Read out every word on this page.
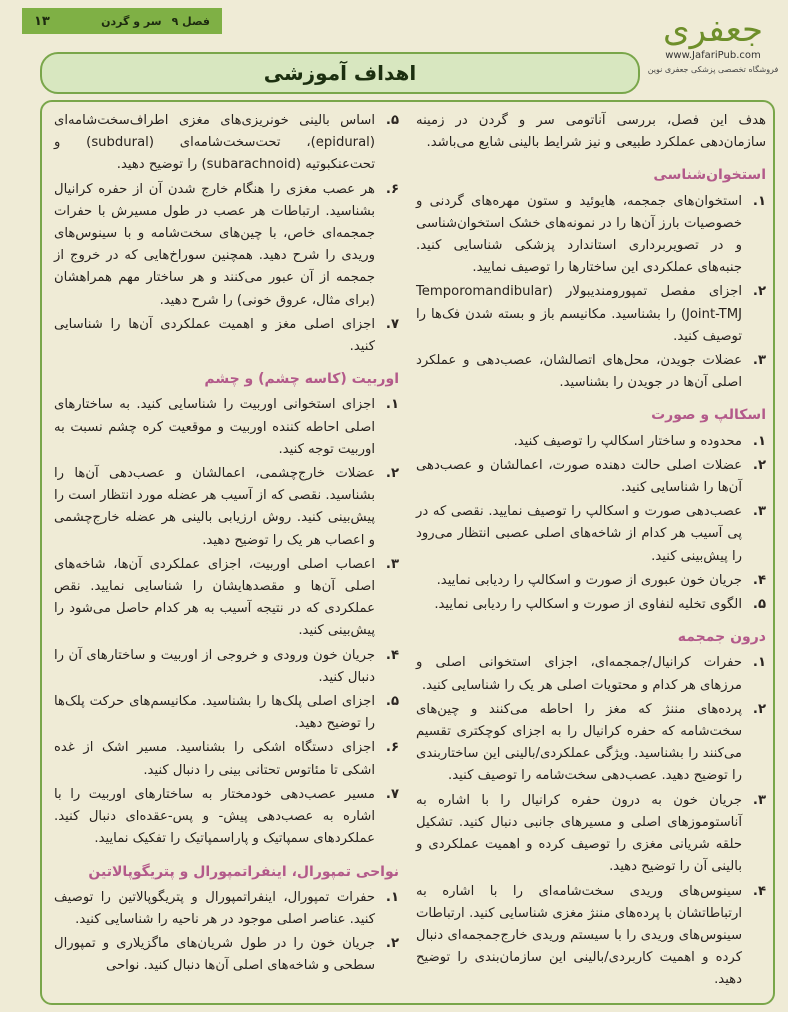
فصل ۹
سر و گردن
۱۳	جعفری
www.JafariPub.com
فروشگاه تخصصی پزشکی جعفری نوین
اهداف آموزشی

هدف این فصل، بررسی آناتومی سر و گردن در زمینه سازمان‌دهی عملکرد طبیعی و نیز شرایط بالینی شایع می‌باشد.

استخوان‌شناسی
۱.
استخوان‌های جمجمه، هایوئید و ستون مهره‌های گردنی و خصوصیات بارز آن‌ها را در نمونه‌های خشک استخوان‌شناسی و در تصویربرداری استاندارد پزشکی شناسایی کنید. جنبه‌های عملکردی این ساختارها را توصیف نمایید.
۲.
اجزای مفصل تمپورومندیبولار (Temporomandibular Joint-TMJ) را بشناسید. مکانیسم باز و بسته شدن فک‌ها را توصیف کنید.
۳.
عضلات جویدن، محل‌های اتصالشان، عصب‌دهی و عملکرد اصلی آن‌ها در جویدن را بشناسید.
اسکالپ و صورت
۱.
محدوده و ساختار اسکالپ را توصیف کنید.
۲.
عضلات اصلی حالت دهنده صورت، اعمالشان و عصب‌دهی آن‌ها را شناسایی کنید.
۳.
عصب‌دهی صورت و اسکالپ را توصیف نمایید. نقصی که در پی آسیب هر کدام از شاخه‌های اصلی عصبی انتظار می‌رود را پیش‌بینی کنید.
۴.
جریان خون عبوری از صورت و اسکالپ را ردیابی نمایید.
۵.
الگوی تخلیه لنفاوی از صورت و اسکالپ را ردیابی نمایید.
درون جمجمه
۱.
حفرات کرانیال/جمجمه‌ای، اجزای استخوانی اصلی و مرزهای هر کدام و محتویات اصلی هر یک را شناسایی کنید.
۲.
پرده‌های مننژ که مغز را احاطه می‌کنند و چین‌های سخت‌شامه که حفره کرانیال را به اجزای کوچکتری تقسیم می‌کنند را بشناسید. ویژگی عملکردی/بالینی این ساختاربندی را توضیح دهید. عصب‌دهی سخت‌شامه را توصیف کنید.
۳.
جریان خون به درون حفره کرانیال را با اشاره به آناستوموزهای اصلی و مسیرهای جانبی دنبال کنید. تشکیل حلقه شریانی مغزی را توصیف کرده و اهمیت عملکردی و بالینی آن را توضیح دهید.
۴.
سینوس‌های وریدی سخت‌شامه‌ای را با اشاره به ارتباطاتشان با پرده‌های مننژ مغزی شناسایی کنید. ارتباطات سینوس‌های وریدی را با سیستم وریدی خارج‌جمجمه‌ای دنبال کرده و اهمیت کاربردی/بالینی این سازمان‌بندی را توضیح دهید.
۵.
اساس بالینی خونریزی‌های مغزی اطراف‌سخت‌شامه‌ای (epidural)، تحت‌سخت‌شامه‌ای (subdural) و تحت‌عنکبوتیه (subarachnoid) را توضیح دهید.
۶.
هر عصب مغزی را هنگام خارج شدن آن از حفره کرانیال بشناسید. ارتباطات هر عصب در طول مسیرش با حفرات جمجمه‌ای خاص، با چین‌های سخت‌شامه و با سینوس‌های وریدی را شرح دهید. همچنین سوراخ‌هایی که در خروج از جمجمه از آن عبور می‌کنند و هر ساختار مهم همراهشان (برای مثال، عروق خونی) را شرح دهید.
۷.
اجزای اصلی مغز و اهمیت عملکردی آن‌ها را شناسایی کنید.
اوربیت (کاسه چشم) و چشم
۱.
اجزای استخوانی اوربیت را شناسایی کنید. به ساختارهای اصلی احاطه کننده اوربیت و موقعیت کره چشم نسبت به اوربیت توجه کنید.
۲.
عضلات خارج‌چشمی، اعمالشان و عصب‌دهی آن‌ها را بشناسید. نقصی که از آسیب هر عضله مورد انتظار است را پیش‌بینی کنید. روش ارزیابی بالینی هر عضله خارج‌چشمی و اعصاب هر یک را توضیح دهید.
۳.
اعصاب اصلی اوربیت، اجزای عملکردی آن‌ها، شاخه‌های اصلی آن‌ها و مقصدهایشان را شناسایی نمایید. نقص عملکردی که در نتیجه آسیب به هر کدام حاصل می‌شود را پیش‌بینی کنید.
۴.
جریان خون ورودی و خروجی از اوربیت و ساختارهای آن را دنبال کنید.
۵.
اجزای اصلی پلک‌ها را بشناسید. مکانیسم‌های حرکت پلک‌ها را توضیح دهید.
۶.
اجزای دستگاه اشکی را بشناسید. مسیر اشک از غده اشکی تا مئاتوس تحتانی بینی را دنبال کنید.
۷.
مسیر عصب‌دهی خودمختار به ساختارهای اوربیت را با اشاره به عصب‌دهی پیش- و پس-عقده‌ای دنبال کنید. عملکردهای سمپاتیک و پاراسمپاتیک را تفکیک نمایید.
نواحی تمپورال، اینفراتمپورال و پتریگوپالاتین
۱.
حفرات تمپورال، اینفراتمپورال و پتریگوپالاتین را توصیف کنید. عناصر اصلی موجود در هر ناحیه را شناسایی کنید.
۲.
جریان خون را در طول شریان‌های ماگزیلاری و تمپورال سطحی و شاخه‌های اصلی آن‌ها دنبال کنید. نواحی
